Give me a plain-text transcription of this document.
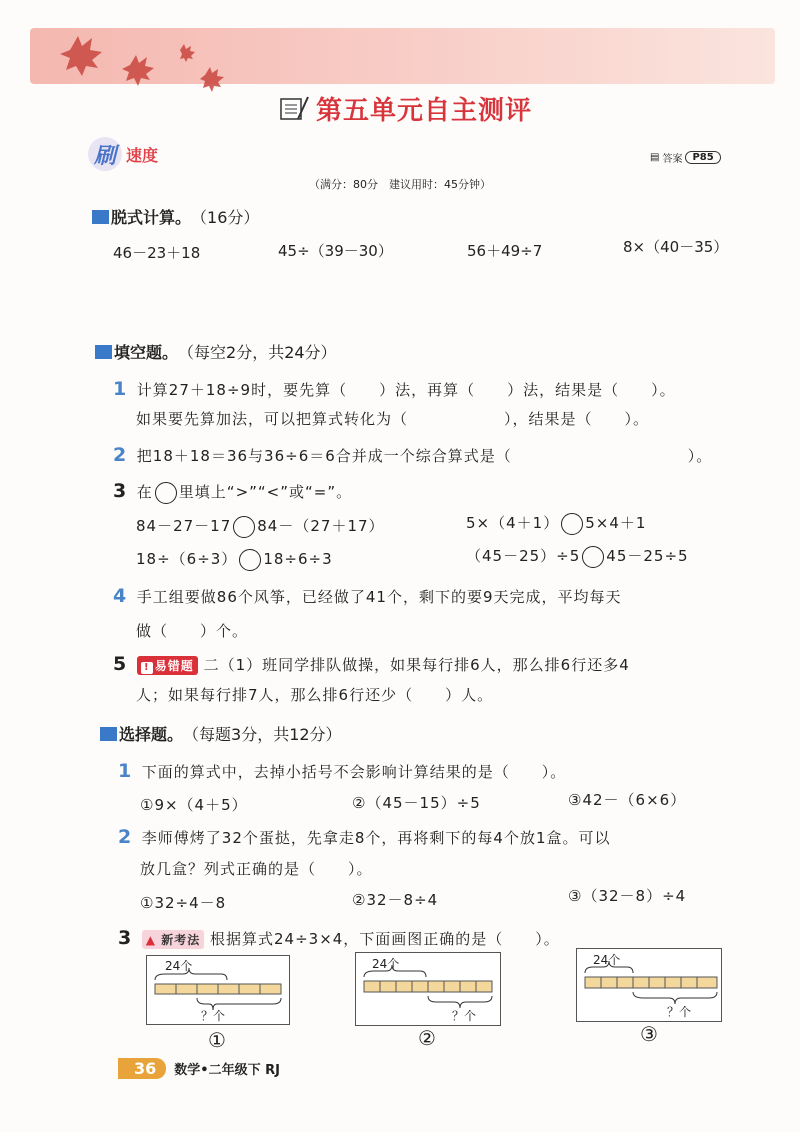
第五单元自主测评
刷 速度	▤ 答案	P85
（满分：80分　建议用时：45分钟）
脱式计算。 （16分）
46－23＋18	45÷（39－30）	56＋49÷7	8×（40－35）
填空题。 （每空2分，共24分）
1 计算27＋18÷9时，要先算（　　）法，再算（　　）法，结果是（　　）。
如果要先算加法，可以把算式转化为（　　　　　　），结果是（　　）。
2 把18＋18＝36与36÷6＝6合并成一个综合算式是（　　　　　　　　　　　）。
3 在 里填上“>”“<”或“=”。
84－27－17 84－（27＋17）	5×（4＋1） 5×4＋1
18÷（6÷3） 18÷6÷3	（45－25）÷5 45－25÷5
4 手工组要做86个风筝，已经做了41个，剩下的要9天完成，平均每天
做（　　）个。
5 ! 易错题 二（1）班同学排队做操，如果每行排6人，那么排6行还多4
人；如果每行排7人，那么排6行还少（　　）人。
选择题。 （每题3分，共12分）
1 下面的算式中，去掉小括号不会影响计算结果的是（　　）。
①9×（4＋5）	②（45－15）÷5	③42－（6×6）
2 李师傅烤了32个蛋挞，先拿走8个，再将剩下的每4个放1盒。可以
放几盒？列式正确的是（　　）。
①32÷4－8	②32－8÷4	③（32－8）÷4
3 ▲ 新考法 根据算式24÷3×4，下面画图正确的是（　　）。
24个
？个
①
24个
？个
②
24个
？个
③
36	数学•二年级下 RJ
